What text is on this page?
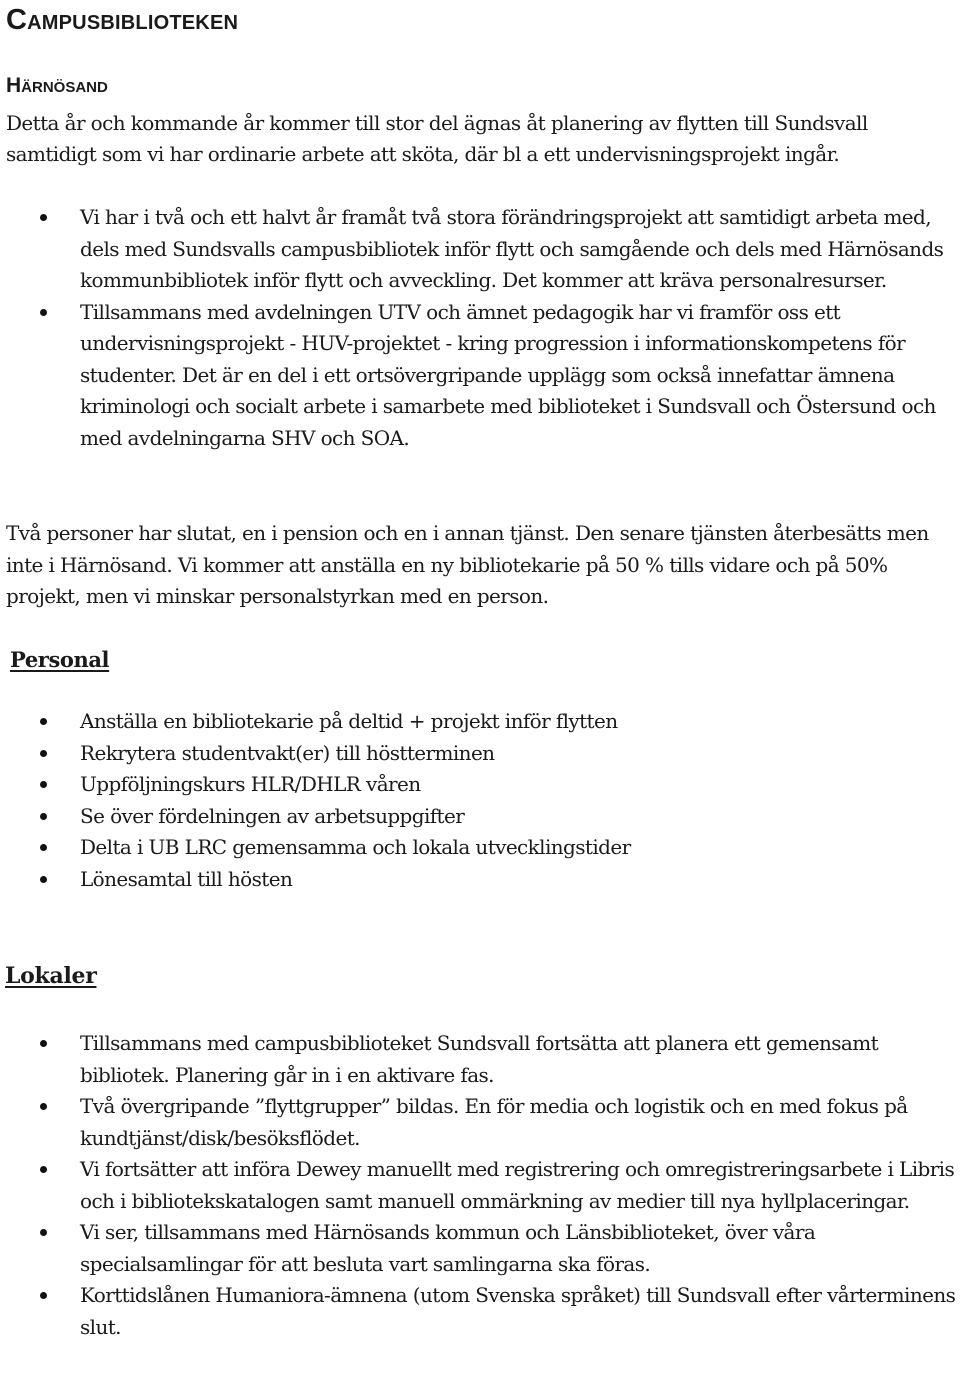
Campusbiblioteken
Härnösand

Detta år och kommande år kommer till stor del ägnas åt planering av flytten till Sundsvall samtidigt som vi har ordinarie arbete att sköta, där bl a ett undervisningsprojekt ingår.

Vi har i två och ett halvt år framåt två stora förändringsprojekt att samtidigt arbeta med, dels med Sundsvalls campusbibliotek inför flytt och samgående och dels med Härnösands kommunbibliotek inför flytt och avveckling. Det kommer att kräva personalresurser.
Tillsammans med avdelningen UTV och ämnet pedagogik har vi framför oss ett undervisningsprojekt - HUV-projektet - kring progression i informationskompetens för studenter. Det är en del i ett ortsövergripande upplägg som också innefattar ämnena kriminologi och socialt arbete i samarbete med biblioteket i Sundsvall och Östersund och med avdelningarna SHV och SOA.

Två personer har slutat, en i pension och en i annan tjänst. Den senare tjänsten återbesätts men inte i Härnösand. Vi kommer att anställa en ny bibliotekarie på 50 % tills vidare och på 50% projekt, men vi minskar personalstyrkan med en person.

Personal
Anställa en bibliotekarie på deltid + projekt inför flytten
Rekrytera studentvakt(er) till höstterminen
Uppföljningskurs HLR/DHLR våren
Se över fördelningen av arbetsuppgifter
Delta i UB LRC gemensamma och lokala utvecklingstider
Lönesamtal till hösten
Lokaler
Tillsammans med campusbiblioteket Sundsvall fortsätta att planera ett gemensamt bibliotek. Planering går in i en aktivare fas.
Två övergripande ”flyttgrupper” bildas. En för media och logistik och en med fokus på kundtjänst/disk/besöksflödet.
Vi fortsätter att införa Dewey manuellt med registrering och omregistreringsarbete i Libris och i bibliotekskatalogen samt manuell ommärkning av medier till nya hyllplaceringar.
Vi ser, tillsammans med Härnösands kommun och Länsbiblioteket, över våra specialsamlingar för att besluta vart samlingarna ska föras.
Korttidslånen Humaniora-ämnena (utom Svenska språket) till Sundsvall efter vårterminens slut.
